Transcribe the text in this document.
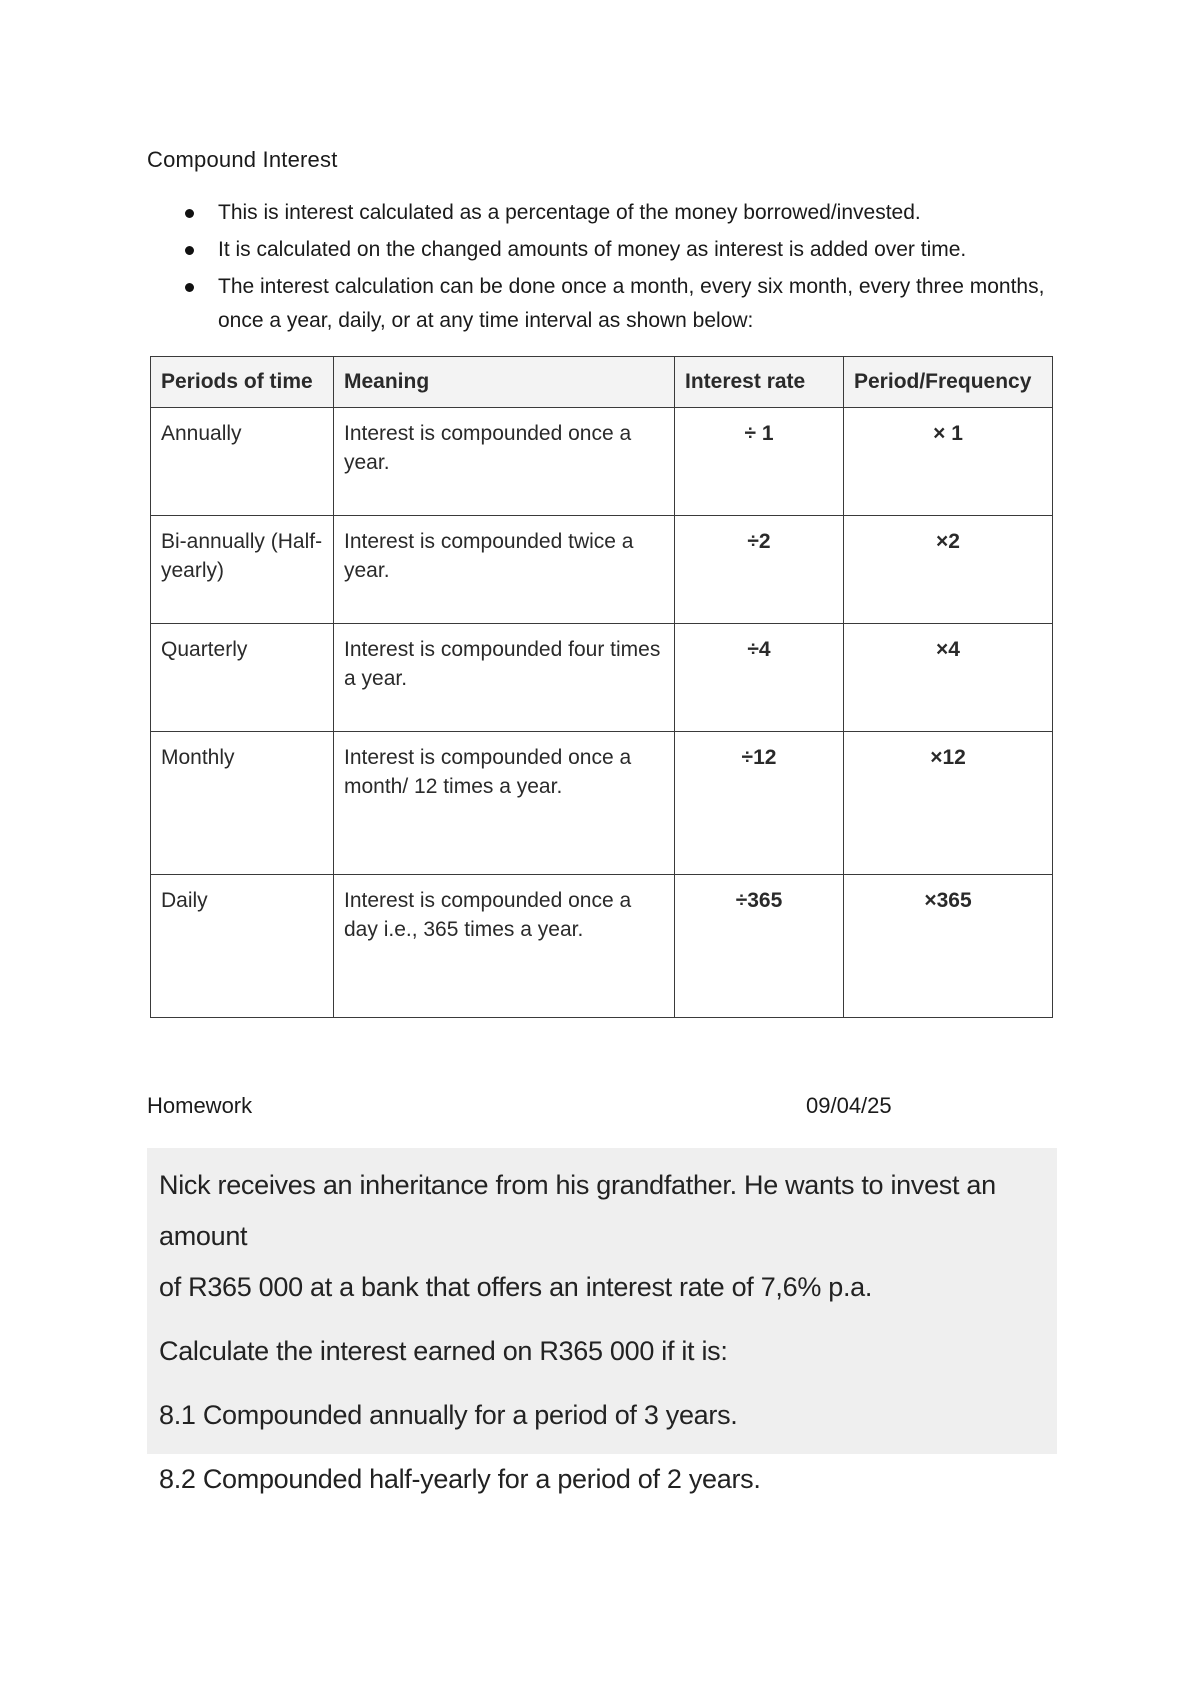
Compound Interest
This is interest calculated as a percentage of the money borrowed/invested.
It is calculated on the changed amounts of money as interest is added over time.
The interest calculation can be done once a month, every six month, every three months, once a year, daily, or at any time interval as shown below:
Periods of time	Meaning	Interest rate	Period/Frequency
Annually	Interest is compounded once a year.	÷ 1	× 1
Bi-annually (Half-yearly)	Interest is compounded twice a year.	÷2	×2
Quarterly	Interest is compounded four times a year.	÷4	×4
Monthly	Interest is compounded once a month/ 12 times a year.	÷12	×12
Daily	Interest is compounded once a day i.e., 365 times a year.	÷365	×365
Homework	09/04/25

Nick receives an inheritance from his grandfather. He wants to invest an amount

of R365 000 at a bank that offers an interest rate of 7,6% p.a.

Calculate the interest earned on R365 000 if it is:

8.1 Compounded annually for a period of 3 years.

8.2 Compounded half-yearly for a period of 2 years.
